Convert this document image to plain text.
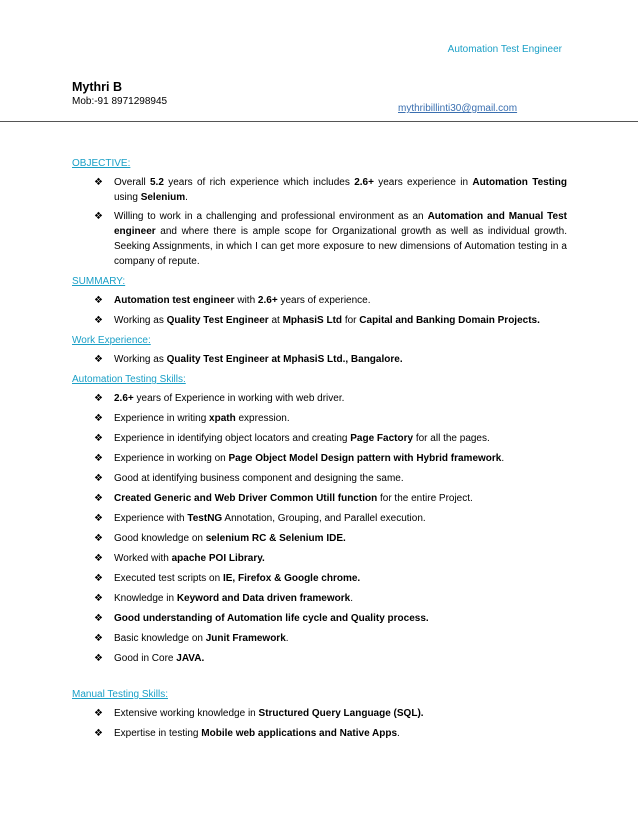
Automation Test Engineer
Mythri B
Mob:-91 8971298945
mythribillinti30@gmail.com

OBJECTIVE:

❖ Overall 5.2 years of rich experience which includes 2.6+ years experience in Automation Testing using Selenium.
❖ Willing to work in a challenging and professional environment as an Automation and Manual Test engineer and where there is ample scope for Organizational growth as well as individual growth. Seeking Assignments, in which I can get more exposure to new dimensions of Automation testing in a company of repute.

SUMMARY:

❖ Automation test engineer with 2.6+ years of experience.
❖ Working as Quality Test Engineer at MphasiS Ltd for Capital and Banking Domain Projects.

Work Experience:

❖ Working as Quality Test Engineer at MphasiS Ltd., Bangalore.

Automation Testing Skills:

❖ 2.6+ years of Experience in working with web driver.
❖ Experience in writing xpath expression.
❖ Experience in identifying object locators and creating Page Factory for all the pages.
❖ Experience in working on Page Object Model Design pattern with Hybrid framework.
❖ Good at identifying business component and designing the same.
❖ Created Generic and Web Driver Common Utill function for the entire Project.
❖ Experience with TestNG Annotation, Grouping, and Parallel execution.
❖ Good knowledge on selenium RC & Selenium IDE.
❖ Worked with apache POI Library.
❖ Executed test scripts on IE, Firefox & Google chrome.
❖ Knowledge in Keyword and Data driven framework.
❖ Good understanding of Automation life cycle and Quality process.
❖ Basic knowledge on Junit Framework.
❖ Good in Core JAVA.

Manual Testing Skills:

❖ Extensive working knowledge in Structured Query Language (SQL).
❖ Expertise in testing Mobile web applications and Native Apps.
